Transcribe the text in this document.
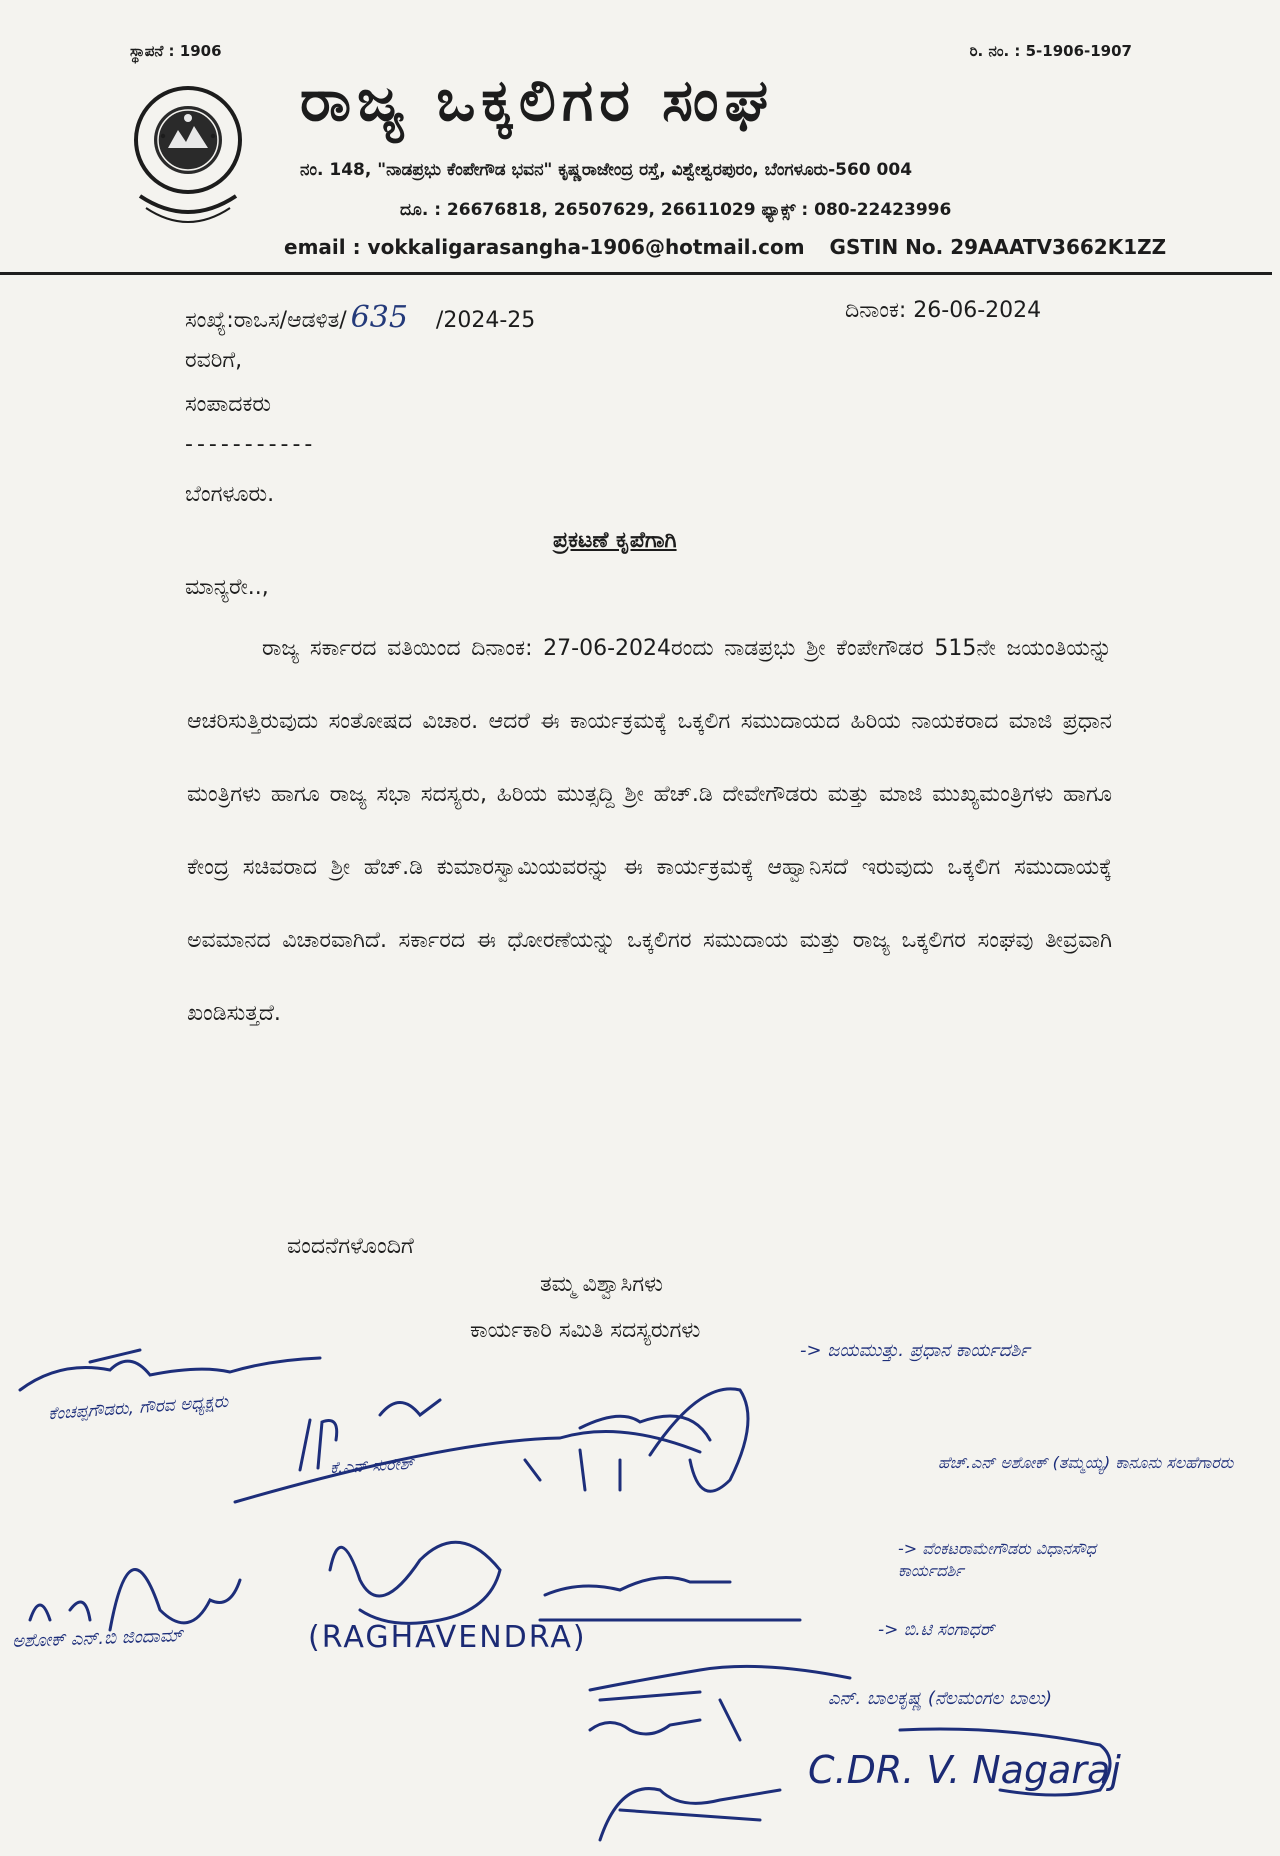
ಸ್ಥಾಪನೆ : 1906	ರಿ. ನಂ. : 5-1906-1907
ರಾಜ್ಯ ಒಕ್ಕಲಿಗರ ಸಂಘ
ನಂ. 148, "ನಾಡಪ್ರಭು ಕೆಂಪೇಗೌಡ ಭವನ" ಕೃಷ್ಣರಾಜೇಂದ್ರ ರಸ್ತೆ, ವಿಶ್ವೇಶ್ವರಪುರಂ, ಬೆಂಗಳೂರು-560 004
ದೂ. : 26676818, 26507629, 26611029 ಫ್ಯಾಕ್ಸ್ : 080-22423996
email : vokkaligarasangha-1906@hotmail.com GSTIN No. 29AAATV3662K1ZZ
ಸಂಖ್ಯೆ:ರಾಒಸ/ಆಡಳಿತ/ 635 /2024-25	ದಿನಾಂಕ: 26-06-2024
ರವರಿಗೆ,
ಸಂಪಾದಕರು
-----------
ಬೆಂಗಳೂರು.
ಪ್ರಕಟಣೆ ಕೃಪೆಗಾಗಿ
ಮಾನ್ಯರೇ..,
ರಾಜ್ಯ ಸರ್ಕಾರದ ವತಿಯಿಂದ ದಿನಾಂಕ: 27-06-2024ರಂದು ನಾಡಪ್ರಭು ಶ್ರೀ ಕೆಂಪೇಗೌಡರ 515ನೇ ಜಯಂತಿಯನ್ನು ಆಚರಿಸುತ್ತಿರುವುದು ಸಂತೋಷದ ವಿಚಾರ. ಆದರೆ ಈ ಕಾರ್ಯಕ್ರಮಕ್ಕೆ ಒಕ್ಕಲಿಗ ಸಮುದಾಯದ ಹಿರಿಯ ನಾಯಕರಾದ ಮಾಜಿ ಪ್ರಧಾನ ಮಂತ್ರಿಗಳು ಹಾಗೂ ರಾಜ್ಯ ಸಭಾ ಸದಸ್ಯರು, ಹಿರಿಯ ಮುತ್ಸದ್ದಿ ಶ್ರೀ ಹೆಚ್.ಡಿ ದೇವೇಗೌಡರು ಮತ್ತು ಮಾಜಿ ಮುಖ್ಯಮಂತ್ರಿಗಳು ಹಾಗೂ ಕೇಂದ್ರ ಸಚಿವರಾದ ಶ್ರೀ ಹೆಚ್.ಡಿ ಕುಮಾರಸ್ವಾಮಿಯವರನ್ನು ಈ ಕಾರ್ಯಕ್ರಮಕ್ಕೆ ಆಹ್ವಾನಿಸದೆ ಇರುವುದು ಒಕ್ಕಲಿಗ ಸಮುದಾಯಕ್ಕೆ ಅವಮಾನದ ವಿಚಾರವಾಗಿದೆ. ಸರ್ಕಾರದ ಈ ಧೋರಣೆಯನ್ನು ಒಕ್ಕಲಿಗರ ಸಮುದಾಯ ಮತ್ತು ರಾಜ್ಯ ಒಕ್ಕಲಿಗರ ಸಂಘವು ತೀವ್ರವಾಗಿ ಖಂಡಿಸುತ್ತದೆ.
ವಂದನೆಗಳೊಂದಿಗೆ
ತಮ್ಮ ವಿಶ್ವಾಸಿಗಳು
ಕಾರ್ಯಕಾರಿ ಸಮಿತಿ ಸದಸ್ಯರುಗಳು
ಕೆಂಚಪ್ಪಗೌಡರು, ಗೌರವ ಅಧ್ಯಕ್ಷರು
ಕೆ.ಎನ್ ಸುರೇಶ್
-> ಜಯಮುತ್ತು. ಪ್ರಧಾನ ಕಾರ್ಯದರ್ಶಿ
ಹೆಚ್.ಎನ್ ಅಶೋಕ್ (ತಮ್ಮಯ್ಯ) ಕಾನೂನು ಸಲಹೆಗಾರರು
-> ವೆಂಕಟರಾಮೇಗೌಡರು ವಿಧಾನಸೌಧ ಕಾರ್ಯದರ್ಶಿ
-> ಬಿ.ಟಿ ಸಂಗಾಧರ್
ಎನ್. ಬಾಲಕೃಷ್ಣ (ನೆಲಮಂಗಲ ಬಾಲು)
ಅಶೋಕ್ ಎನ್.ಬಿ ಜಿಂದಾಮ್	(RAGHAVENDRA)
C.DR. V. Nagaraj
